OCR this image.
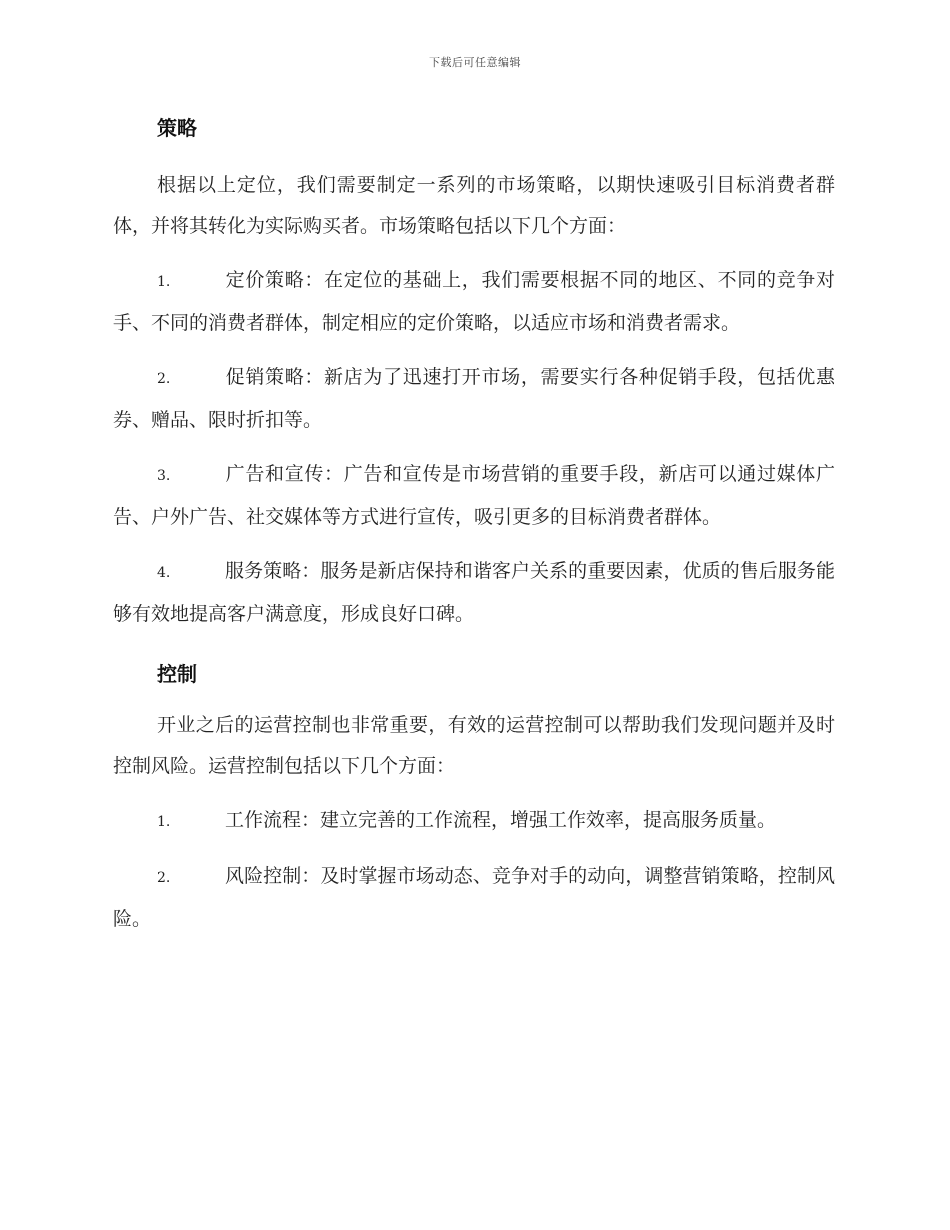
下载后可任意编辑
策略

根据以上定位，我们需要制定一系列的市场策略，以期快速吸引目标消费者群体，并将其转化为实际购买者。市场策略包括以下几个方面：

1.	定价策略：在定位的基础上，我们需要根据不同的地区、不同的竞争对手、不同的消费者群体，制定相应的定价策略，以适应市场和消费者需求。

2.	促销策略：新店为了迅速打开市场，需要实行各种促销手段，包括优惠券、赠品、限时折扣等。

3.	广告和宣传：广告和宣传是市场营销的重要手段，新店可以通过媒体广告、户外广告、社交媒体等方式进行宣传，吸引更多的目标消费者群体。

4.	服务策略：服务是新店保持和谐客户关系的重要因素，优质的售后服务能够有效地提高客户满意度，形成良好口碑。

控制

开业之后的运营控制也非常重要，有效的运营控制可以帮助我们发现问题并及时控制风险。运营控制包括以下几个方面：

1.	工作流程：建立完善的工作流程，增强工作效率，提高服务质量。

2.	风险控制：及时掌握市场动态、竞争对手的动向，调整营销策略，控制风险。
